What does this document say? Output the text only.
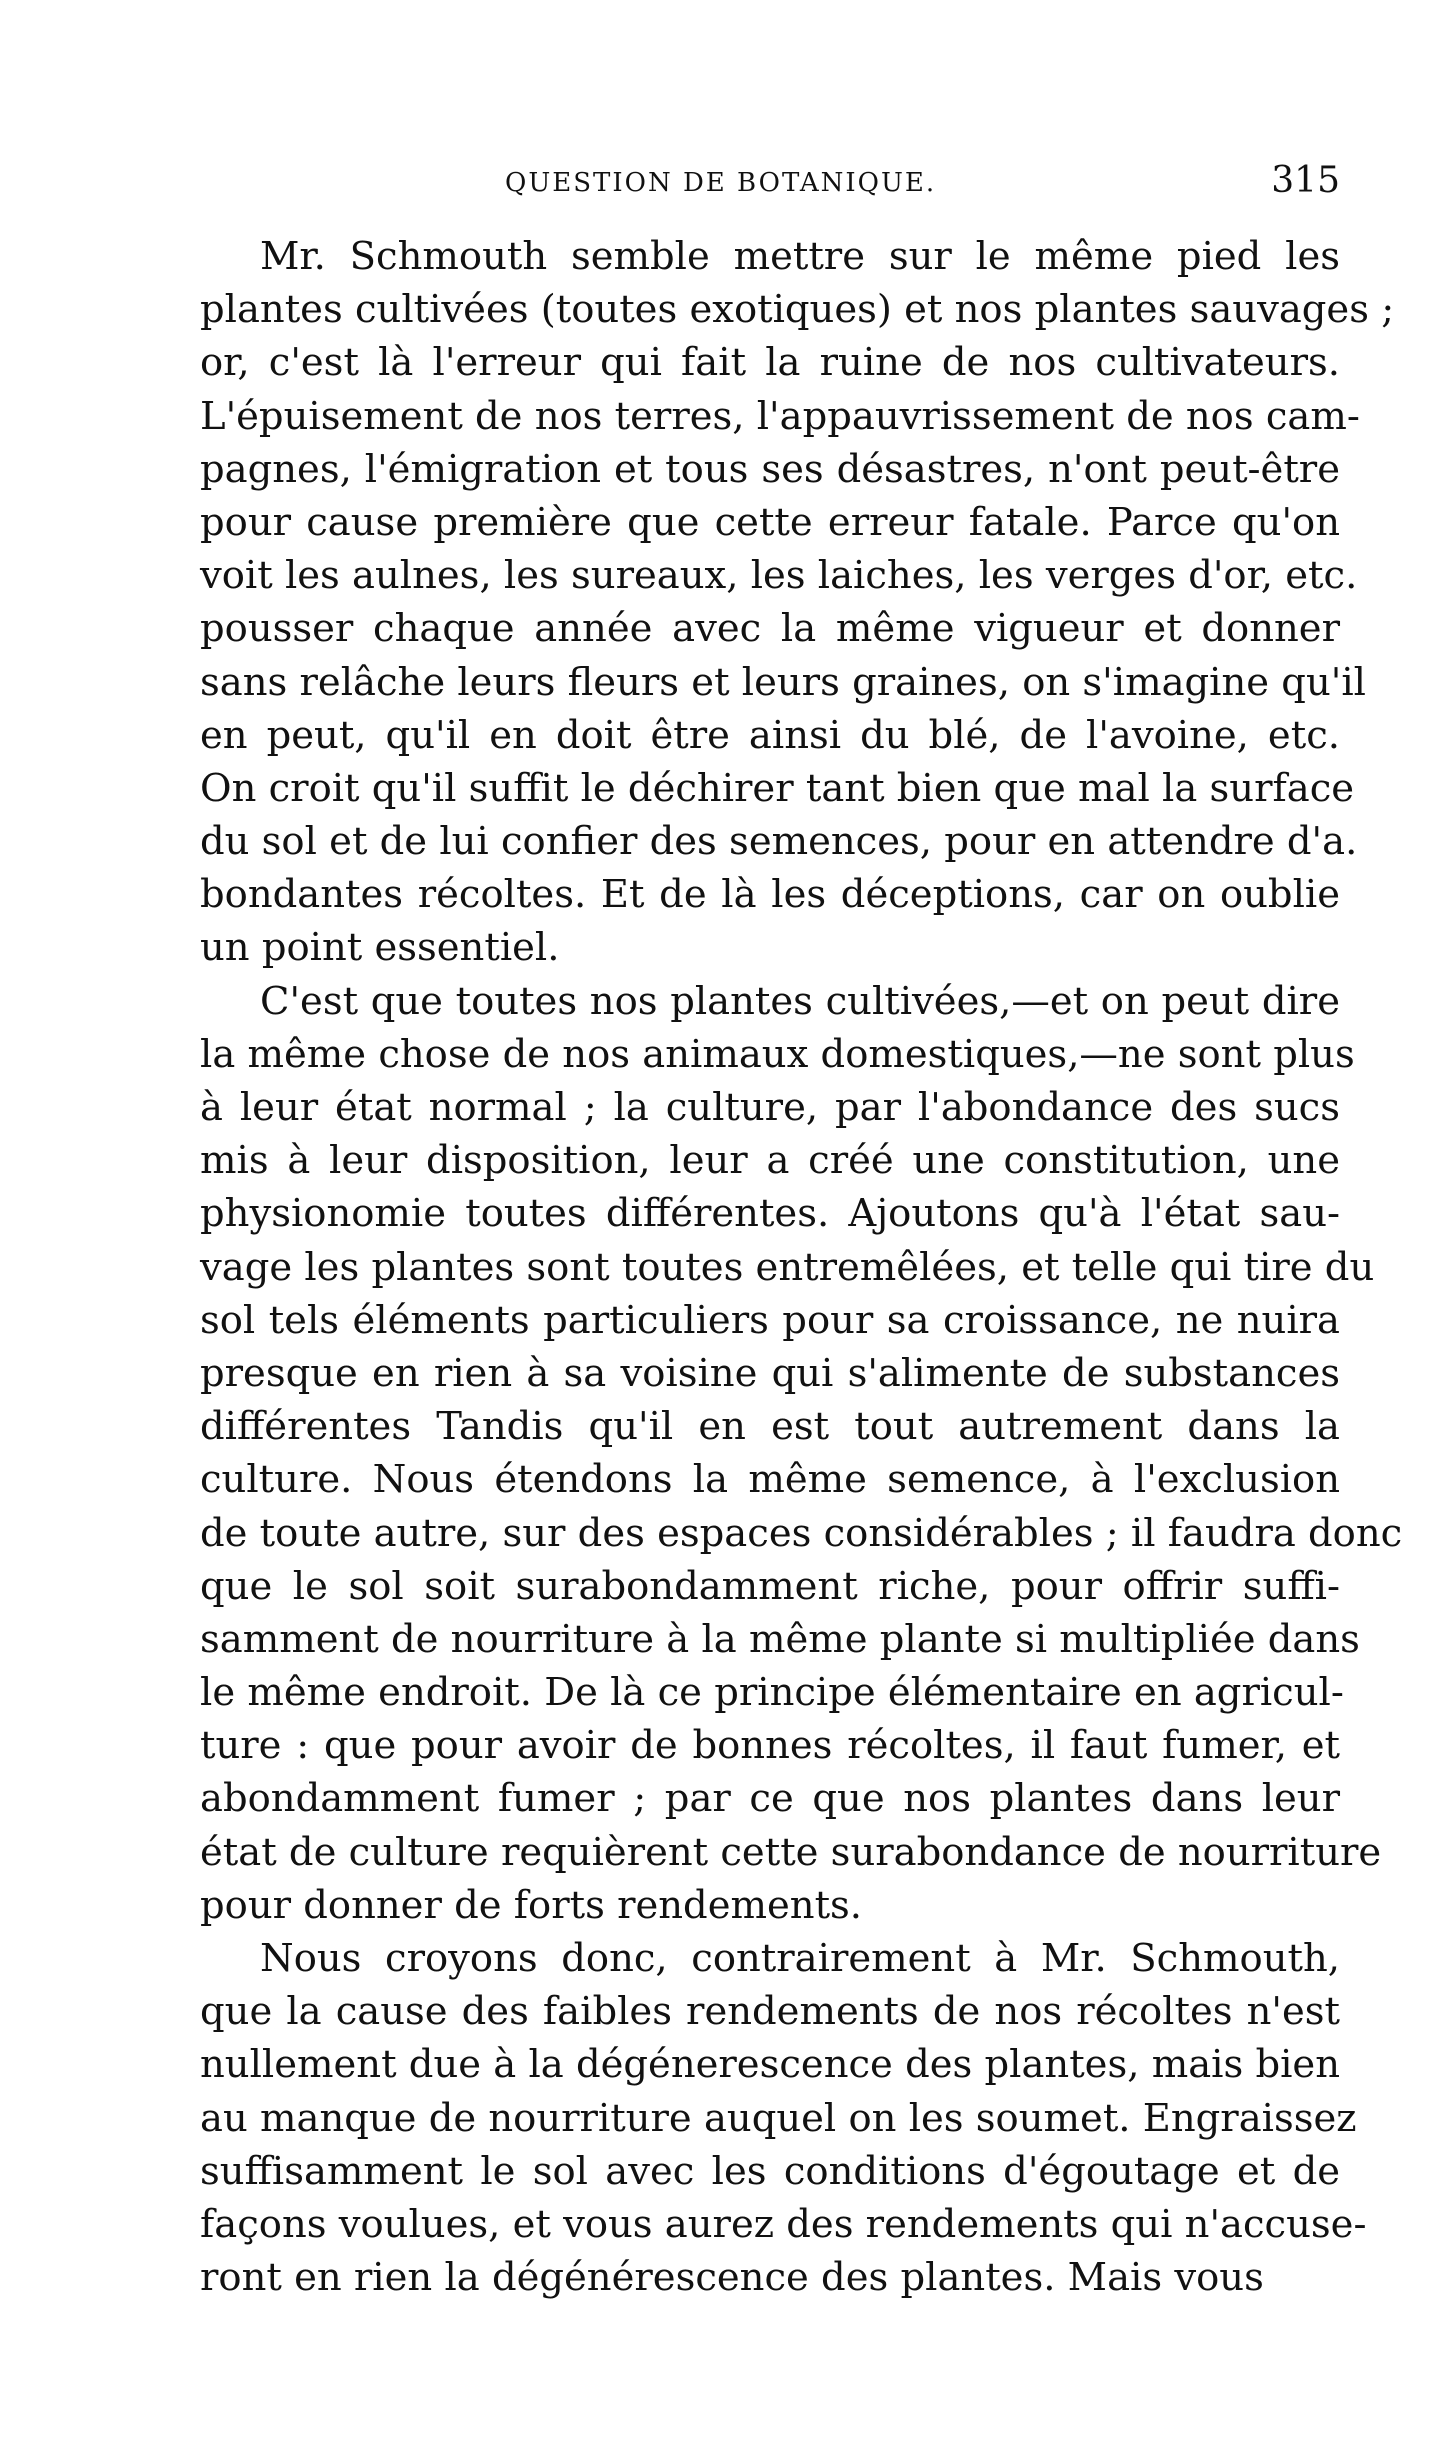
QUESTION DE BOTANIQUE.	315
Mr. Schmouth semble mettre sur le même pied les
plantes cultivées (toutes exotiques) et nos plantes sauvages ;
or, c'est là l'erreur qui fait la ruine de nos cultivateurs.
L'épuisement de nos terres, l'appauvrissement de nos cam-
pagnes, l'émigration et tous ses désastres, n'ont peut-être
pour cause première que cette erreur fatale. Parce qu'on
voit les aulnes, les sureaux, les laiches, les verges d'or, etc.
pousser chaque année avec la même vigueur et donner
sans relâche leurs fleurs et leurs graines, on s'imagine qu'il
en peut, qu'il en doit être ainsi du blé, de l'avoine, etc.
On croit qu'il suffit le déchirer tant bien que mal la surface
du sol et de lui confier des semences, pour en attendre d'a.
bondantes récoltes. Et de là les déceptions, car on oublie
un point essentiel.
C'est que toutes nos plantes cultivées,—et on peut dire
la même chose de nos animaux domestiques,—ne sont plus
à leur état normal ; la culture, par l'abondance des sucs
mis à leur disposition, leur a créé une constitution, une
physionomie toutes différentes. Ajoutons qu'à l'état sau-
vage les plantes sont toutes entremêlées, et telle qui tire du
sol tels éléments particuliers pour sa croissance, ne nuira
presque en rien à sa voisine qui s'alimente de substances
différentes Tandis qu'il en est tout autrement dans la
culture. Nous étendons la même semence, à l'exclusion
de toute autre, sur des espaces considérables ; il faudra donc
que le sol soit surabondamment riche, pour offrir suffi-
samment de nourriture à la même plante si multipliée dans
le même endroit. De là ce principe élémentaire en agricul-
ture : que pour avoir de bonnes récoltes, il faut fumer, et
abondamment fumer ; par ce que nos plantes dans leur
état de culture requièrent cette surabondance de nourriture
pour donner de forts rendements.
Nous croyons donc, contrairement à Mr. Schmouth,
que la cause des faibles rendements de nos récoltes n'est
nullement due à la dégénerescence des plantes, mais bien
au manque de nourriture auquel on les soumet. Engraissez
suffisamment le sol avec les conditions d'égoutage et de
façons voulues, et vous aurez des rendements qui n'accuse-
ront en rien la dégénérescence des plantes. Mais vous
